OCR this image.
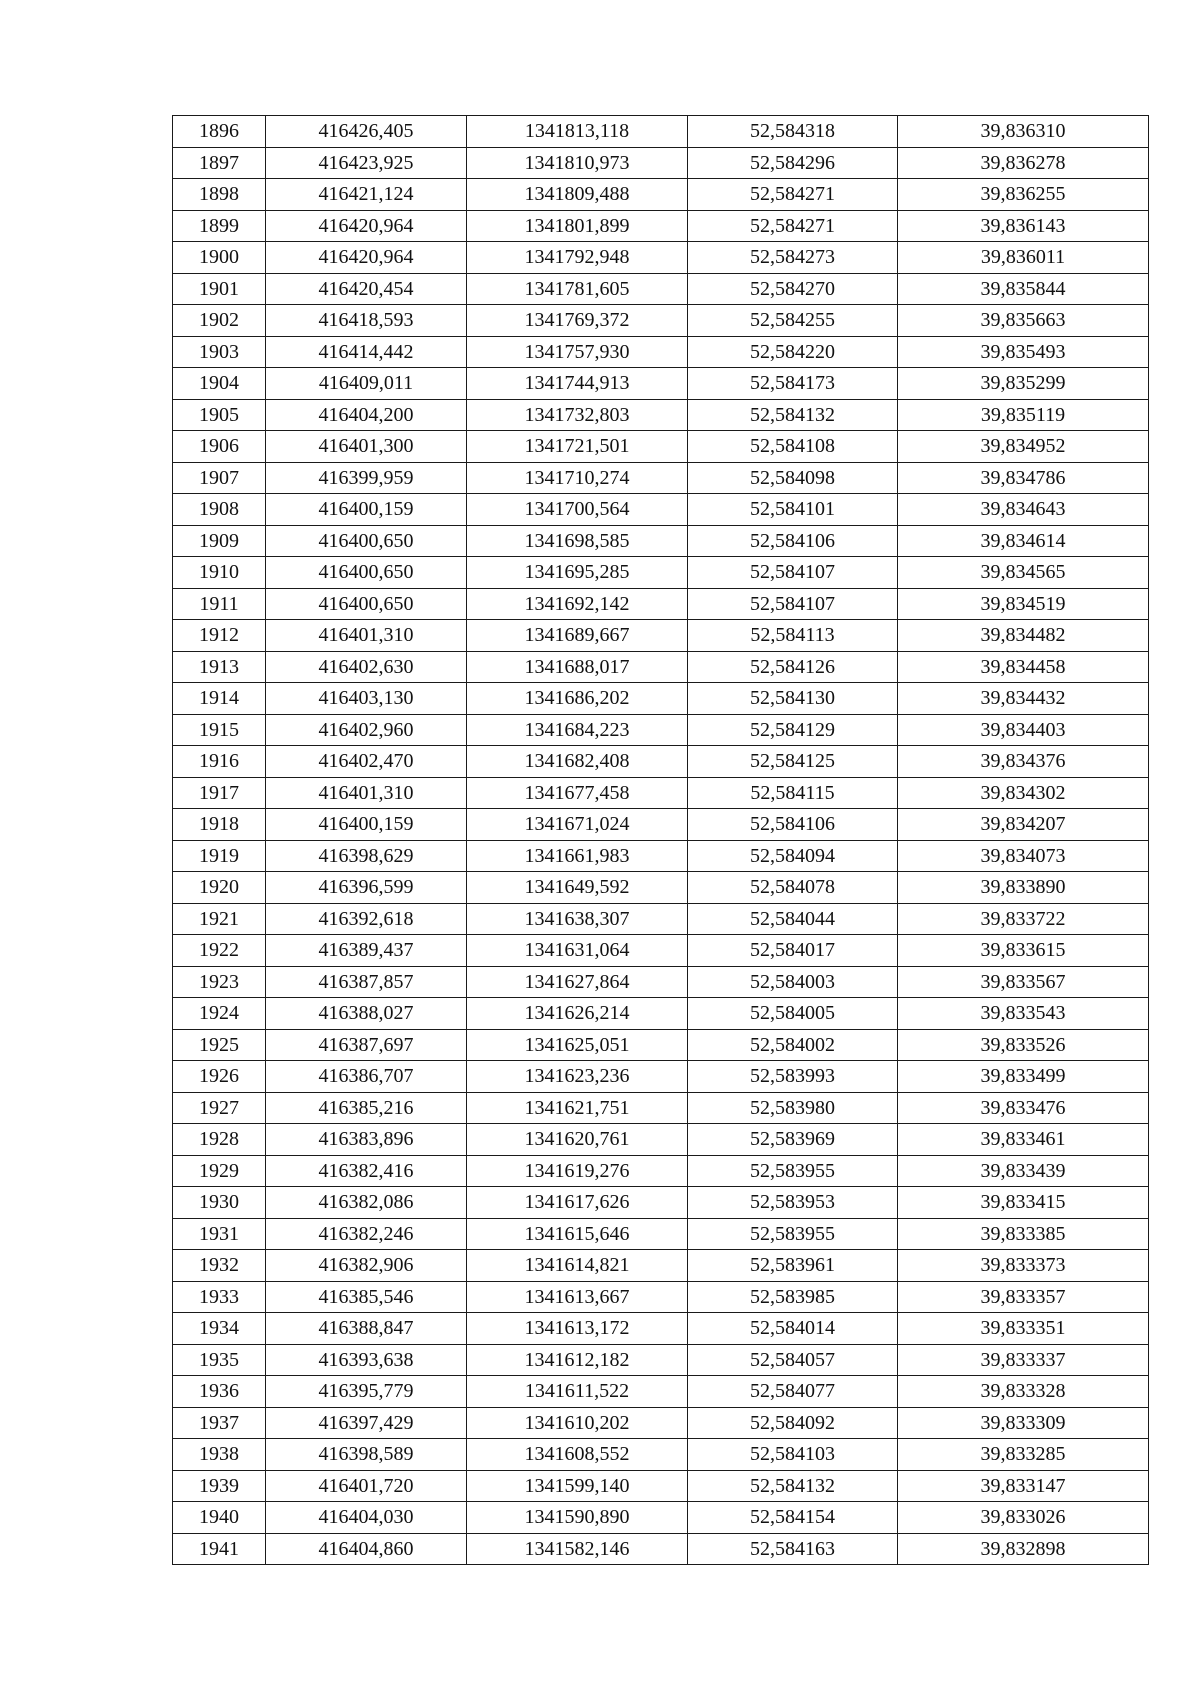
1896	416426,405	1341813,118	52,584318	39,836310
1897	416423,925	1341810,973	52,584296	39,836278
1898	416421,124	1341809,488	52,584271	39,836255
1899	416420,964	1341801,899	52,584271	39,836143
1900	416420,964	1341792,948	52,584273	39,836011
1901	416420,454	1341781,605	52,584270	39,835844
1902	416418,593	1341769,372	52,584255	39,835663
1903	416414,442	1341757,930	52,584220	39,835493
1904	416409,011	1341744,913	52,584173	39,835299
1905	416404,200	1341732,803	52,584132	39,835119
1906	416401,300	1341721,501	52,584108	39,834952
1907	416399,959	1341710,274	52,584098	39,834786
1908	416400,159	1341700,564	52,584101	39,834643
1909	416400,650	1341698,585	52,584106	39,834614
1910	416400,650	1341695,285	52,584107	39,834565
1911	416400,650	1341692,142	52,584107	39,834519
1912	416401,310	1341689,667	52,584113	39,834482
1913	416402,630	1341688,017	52,584126	39,834458
1914	416403,130	1341686,202	52,584130	39,834432
1915	416402,960	1341684,223	52,584129	39,834403
1916	416402,470	1341682,408	52,584125	39,834376
1917	416401,310	1341677,458	52,584115	39,834302
1918	416400,159	1341671,024	52,584106	39,834207
1919	416398,629	1341661,983	52,584094	39,834073
1920	416396,599	1341649,592	52,584078	39,833890
1921	416392,618	1341638,307	52,584044	39,833722
1922	416389,437	1341631,064	52,584017	39,833615
1923	416387,857	1341627,864	52,584003	39,833567
1924	416388,027	1341626,214	52,584005	39,833543
1925	416387,697	1341625,051	52,584002	39,833526
1926	416386,707	1341623,236	52,583993	39,833499
1927	416385,216	1341621,751	52,583980	39,833476
1928	416383,896	1341620,761	52,583969	39,833461
1929	416382,416	1341619,276	52,583955	39,833439
1930	416382,086	1341617,626	52,583953	39,833415
1931	416382,246	1341615,646	52,583955	39,833385
1932	416382,906	1341614,821	52,583961	39,833373
1933	416385,546	1341613,667	52,583985	39,833357
1934	416388,847	1341613,172	52,584014	39,833351
1935	416393,638	1341612,182	52,584057	39,833337
1936	416395,779	1341611,522	52,584077	39,833328
1937	416397,429	1341610,202	52,584092	39,833309
1938	416398,589	1341608,552	52,584103	39,833285
1939	416401,720	1341599,140	52,584132	39,833147
1940	416404,030	1341590,890	52,584154	39,833026
1941	416404,860	1341582,146	52,584163	39,832898
